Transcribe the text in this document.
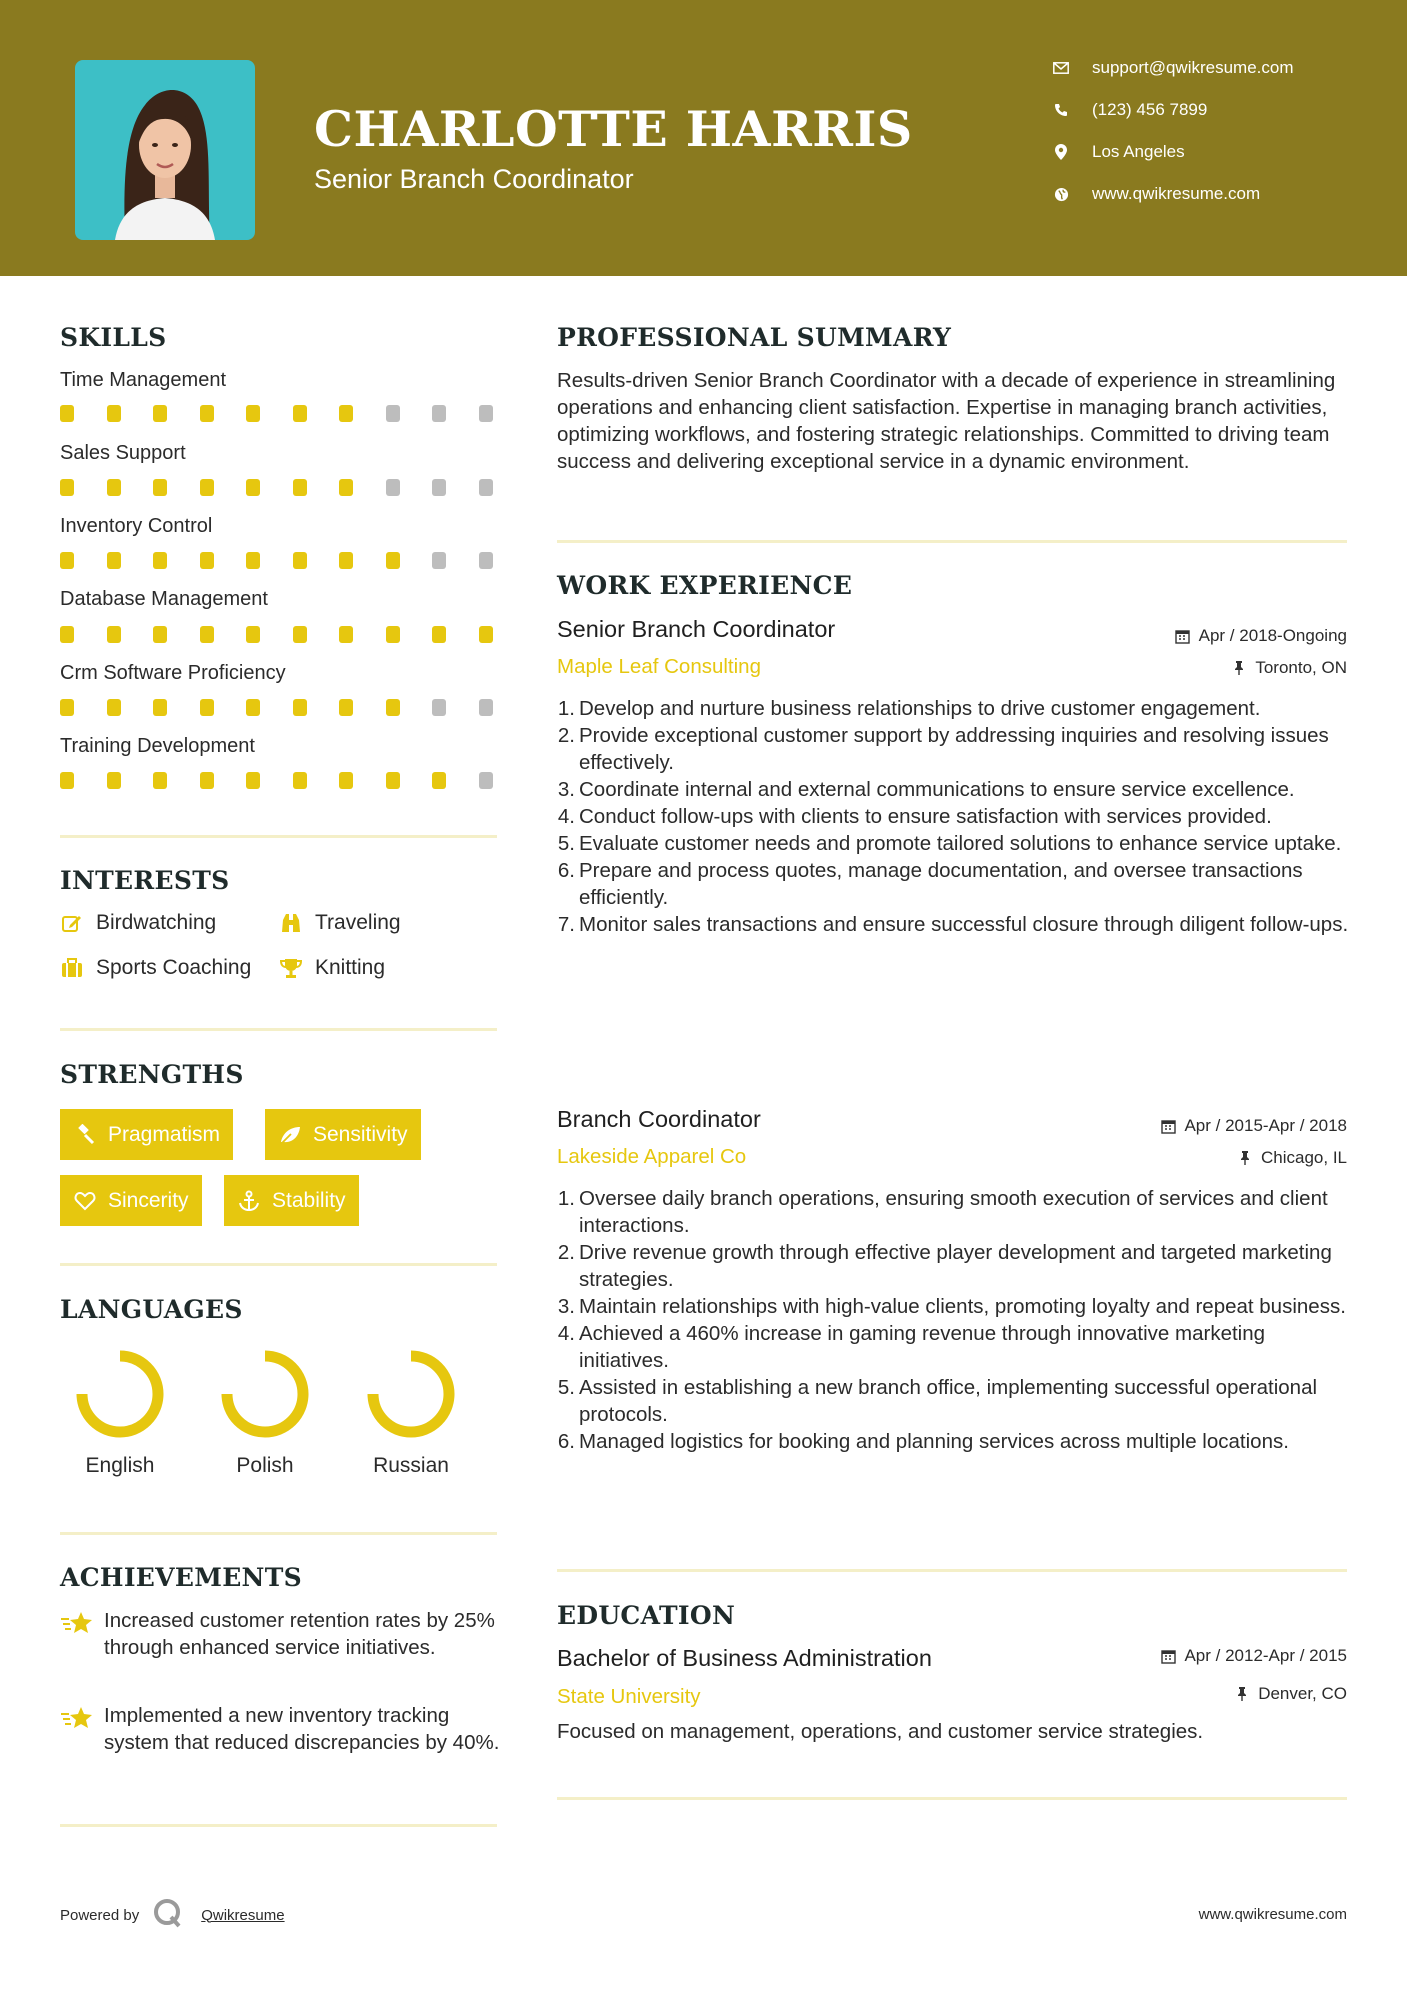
CHARLOTTE HARRIS
Senior Branch Coordinator
support@qwikresume.com
(123) 456 7899
Los Angeles
www.qwikresume.com
SKILLS
Time Management
Sales Support
Inventory Control
Database Management
Crm Software Proficiency
Training Development
INTERESTS
Birdwatching	Traveling
Sports Coaching	Knitting
STRENGTHS
Pragmatism	Sensitivity
Sincerity	Stability
LANGUAGES
English	Polish	Russian
ACHIEVEMENTS
Increased customer retention rates by 25% through enhanced service initiatives.
Implemented a new inventory tracking system that reduced discrepancies by 40%.
PROFESSIONAL SUMMARY
Results-driven Senior Branch Coordinator with a decade of experience in streamlining operations and enhancing client satisfaction. Expertise in managing branch activities, optimizing workflows, and fostering strategic relationships. Committed to driving team success and delivering exceptional service in a dynamic environment.
WORK EXPERIENCE
Senior Branch Coordinator	Apr / 2018-Ongoing
Maple Leaf Consulting	Toronto, ON
1. Develop and nurture business relationships to drive customer engagement.
2. Provide exceptional customer support by addressing inquiries and resolving issues effectively.
3. Coordinate internal and external communications to ensure service excellence.
4. Conduct follow-ups with clients to ensure satisfaction with services provided.
5. Evaluate customer needs and promote tailored solutions to enhance service uptake.
6. Prepare and process quotes, manage documentation, and oversee transactions efficiently.
7. Monitor sales transactions and ensure successful closure through diligent follow-ups.
Branch Coordinator	Apr / 2015-Apr / 2018
Lakeside Apparel Co	Chicago, IL
1. Oversee daily branch operations, ensuring smooth execution of services and client interactions.
2. Drive revenue growth through effective player development and targeted marketing strategies.
3. Maintain relationships with high-value clients, promoting loyalty and repeat business.
4. Achieved a 460% increase in gaming revenue through innovative marketing initiatives.
5. Assisted in establishing a new branch office, implementing successful operational protocols.
6. Managed logistics for booking and planning services across multiple locations.
EDUCATION
Bachelor of Business Administration	Apr / 2012-Apr / 2015
State University	Denver, CO
Focused on management, operations, and customer service strategies.
Powered by	Qwikresume	www.qwikresume.com
